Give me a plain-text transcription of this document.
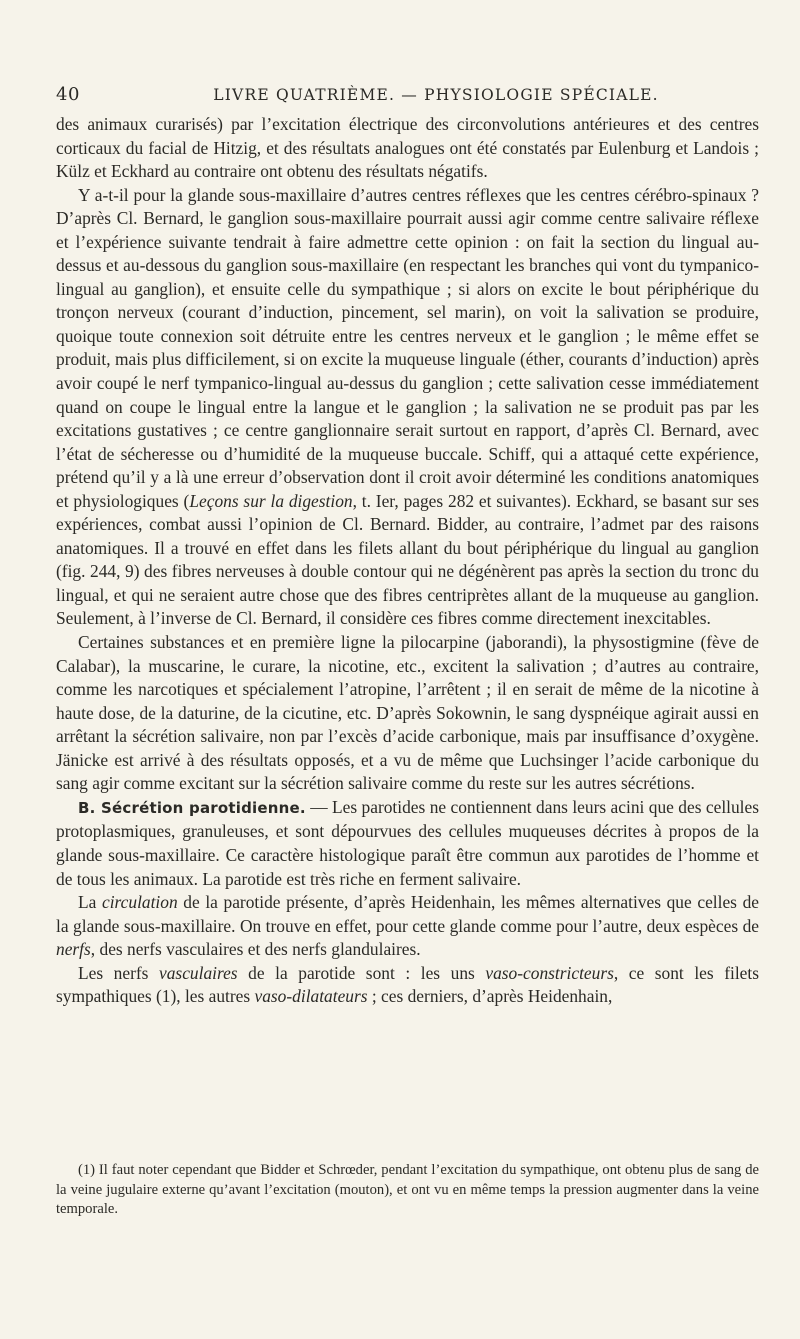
40	LIVRE QUATRIÈME. — PHYSIOLOGIE SPÉCIALE.

des animaux curarisés) par l’excitation électrique des circonvolutions antérieures et des centres corticaux du facial de Hitzig, et des résultats analogues ont été constatés par Eulenburg et Landois ; Külz et Eckhard au contraire ont obtenu des résultats négatifs.

Y a-t-il pour la glande sous-maxillaire d’autres centres réflexes que les centres cérébro-spinaux ? D’après Cl. Bernard, le ganglion sous-maxillaire pourrait aussi agir comme centre salivaire réflexe et l’expérience suivante tendrait à faire admettre cette opinion : on fait la section du lingual au-dessus et au-dessous du ganglion sous-maxillaire (en respectant les branches qui vont du tympanico-lingual au ganglion), et ensuite celle du sympathique ; si alors on excite le bout périphérique du tronçon nerveux (courant d’induction, pincement, sel marin), on voit la salivation se produire, quoique toute connexion soit détruite entre les centres nerveux et le ganglion ; le même effet se produit, mais plus difficilement, si on excite la muqueuse linguale (éther, courants d’induction) après avoir coupé le nerf tympanico-lingual au-dessus du ganglion ; cette salivation cesse immédiatement quand on coupe le lingual entre la langue et le ganglion ; la salivation ne se produit pas par les excitations gustatives ; ce centre ganglionnaire serait surtout en rapport, d’après Cl. Bernard, avec l’état de sécheresse ou d’humidité de la muqueuse buccale. Schiff, qui a attaqué cette expérience, prétend qu’il y a là une erreur d’observation dont il croit avoir déterminé les conditions anatomiques et physiologiques (Leçons sur la digestion, t. Ier, pages 282 et suivantes). Eckhard, se basant sur ses expériences, combat aussi l’opinion de Cl. Bernard. Bidder, au contraire, l’admet par des raisons anatomiques. Il a trouvé en effet dans les filets allant du bout périphérique du lingual au ganglion (fig. 244, 9) des fibres nerveuses à double contour qui ne dégénèrent pas après la section du tronc du lingual, et qui ne seraient autre chose que des fibres centriprètes allant de la muqueuse au ganglion. Seulement, à l’inverse de Cl. Bernard, il considère ces fibres comme directement inexcitables.

Certaines substances et en première ligne la pilocarpine (jaborandi), la physostigmine (fève de Calabar), la muscarine, le curare, la nicotine, etc., excitent la salivation ; d’autres au contraire, comme les narcotiques et spécialement l’atropine, l’arrêtent ; il en serait de même de la nicotine à haute dose, de la daturine, de la cicutine, etc. D’après Sokownin, le sang dyspnéique agirait aussi en arrêtant la sécrétion salivaire, non par l’excès d’acide carbonique, mais par insuffisance d’oxygène. Jänicke est arrivé à des résultats opposés, et a vu de même que Luchsinger l’acide carbonique du sang agir comme excitant sur la sécrétion salivaire comme du reste sur les autres sécrétions.

B. Sécrétion parotidienne. — Les parotides ne contiennent dans leurs acini que des cellules protoplasmiques, granuleuses, et sont dépourvues des cellules muqueuses décrites à propos de la glande sous-maxillaire. Ce caractère histologique paraît être commun aux parotides de l’homme et de tous les animaux. La parotide est très riche en ferment salivaire.

La circulation de la parotide présente, d’après Heidenhain, les mêmes alternatives que celles de la glande sous-maxillaire. On trouve en effet, pour cette glande comme pour l’autre, deux espèces de nerfs, des nerfs vasculaires et des nerfs glandulaires.

Les nerfs vasculaires de la parotide sont : les uns vaso-constricteurs, ce sont les filets sympathiques (1), les autres vaso-dilatateurs ; ces derniers, d’après Heidenhain,

(1) Il faut noter cependant que Bidder et Schrœder, pendant l’excitation du sympathique, ont obtenu plus de sang de la veine jugulaire externe qu’avant l’excitation (mouton), et ont vu en même temps la pression augmenter dans la veine temporale.
